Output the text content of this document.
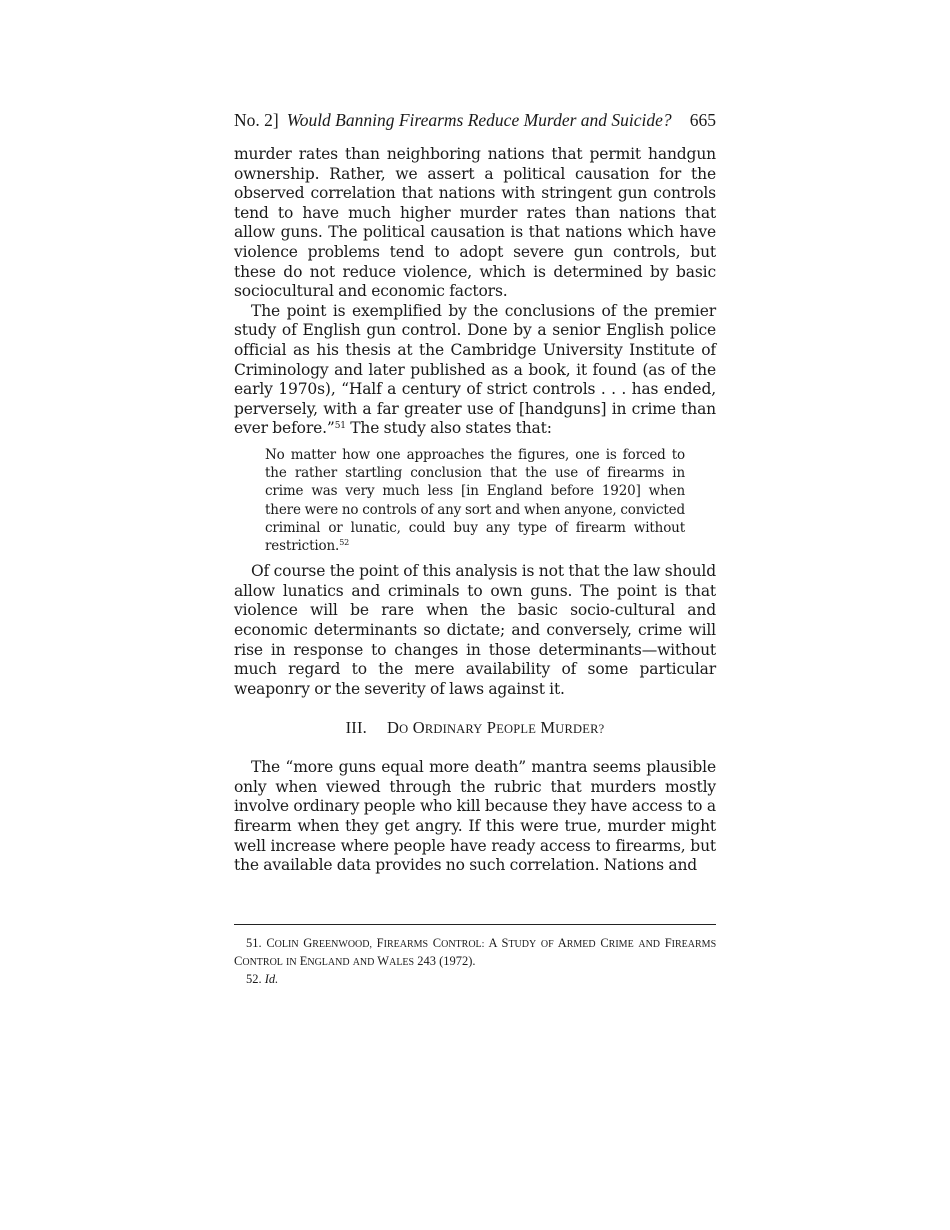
No. 2] Would Banning Firearms Reduce Murder and Suicide?	665

murder rates than neighboring nations that permit handgun ownership. Rather, we assert a political causation for the observed correlation that nations with stringent gun controls tend to have much higher murder rates than nations that allow guns. The political causation is that nations which have violence problems tend to adopt severe gun controls, but these do not reduce violence, which is determined by basic sociocultural and economic factors.

The point is exemplified by the conclusions of the premier study of English gun control. Done by a senior English police official as his thesis at the Cambridge University Institute of Criminology and later published as a book, it found (as of the early 1970s), “Half a century of strict controls . . . has ended, perversely, with a far greater use of [handguns] in crime than ever before.”$^{51}$ The study also states that:

No matter how one approaches the figures, one is forced to the rather startling conclusion that the use of firearms in crime was very much less [in England before 1920] when there were no controls of any sort and when anyone, convicted criminal or lunatic, could buy any type of firearm without restriction.$^{52}$

Of course the point of this analysis is not that the law should allow lunatics and criminals to own guns. The point is that violence will be rare when the basic socio-cultural and economic determinants so dictate; and conversely, crime will rise in response to changes in those determinants—without much regard to the mere availability of some particular weaponry or the severity of laws against it.

III. DO ORDINARY PEOPLE MURDER?

The “more guns equal more death” mantra seems plausible only when viewed through the rubric that murders mostly involve ordinary people who kill because they have access to a firearm when they get angry. If this were true, murder might well increase where people have ready access to firearms, but the available data provides no such correlation. Nations and

51. COLIN GREENWOOD, FIREARMS CONTROL: A STUDY OF ARMED CRIME AND FIREARMS CONTROL IN ENGLAND AND WALES 243 (1972).

52. Id.
